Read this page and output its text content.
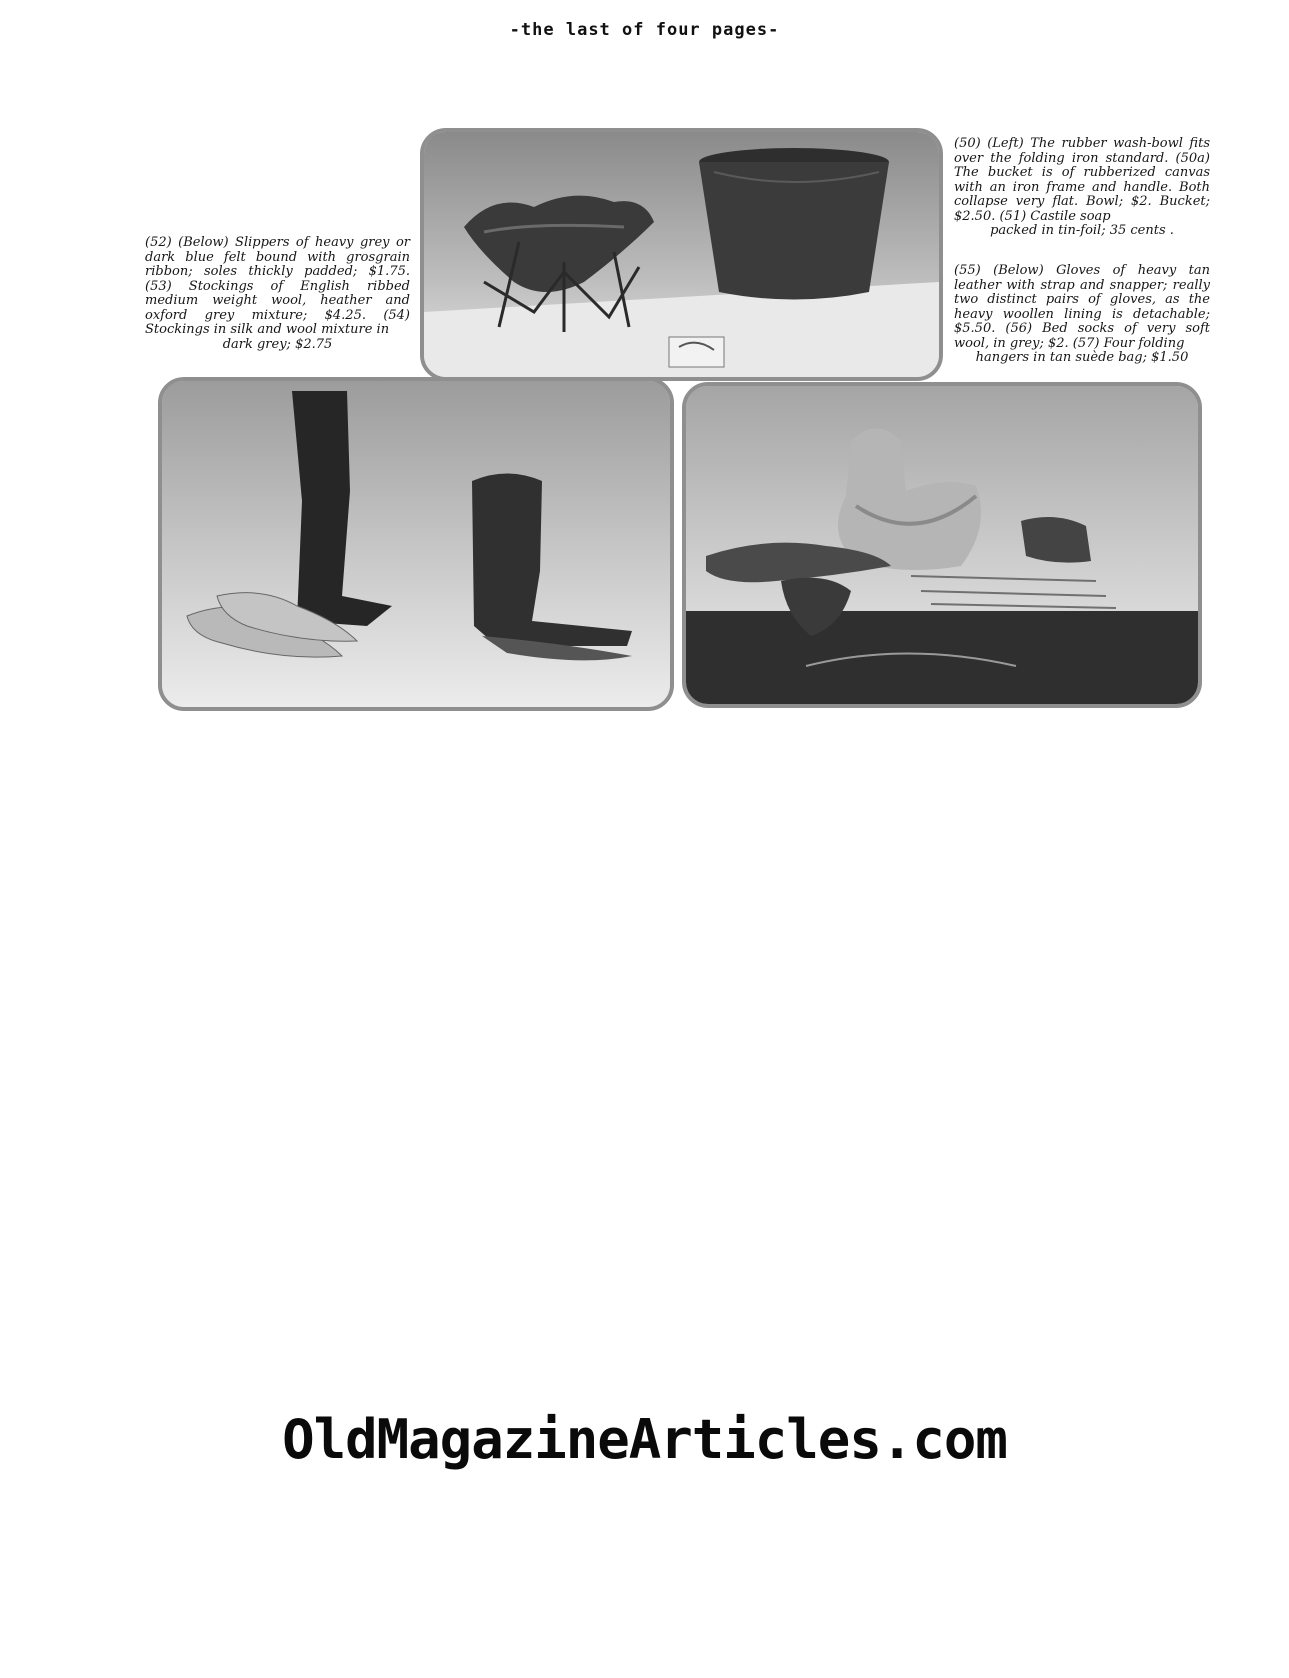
-the last of four pages-
(52) (Below) Slippers of heavy grey or dark blue felt bound with grosgrain ribbon; soles thickly padded; $1.75. (53) Stockings of English ribbed medium weight wool, heather and oxford grey mixture; $4.25. (54) Stockings in silk and wool mixture in
dark grey; $2.75
(50) (Left) The rubber wash-bowl fits over the folding iron standard. (50a) The bucket is of rubberized canvas with an iron frame and handle. Both collapse very flat. Bowl; $2. Bucket; $2.50. (51) Castile soap
packed in tin-foil; 35 cents .
(55) (Below) Gloves of heavy tan leather with strap and snapper; really two distinct pairs of gloves, as the heavy woollen lining is detachable; $5.50. (56) Bed socks of very soft wool, in grey; $2. (57) Four folding
hangers in tan suède bag; $1.50
OldMagazineArticles.com
